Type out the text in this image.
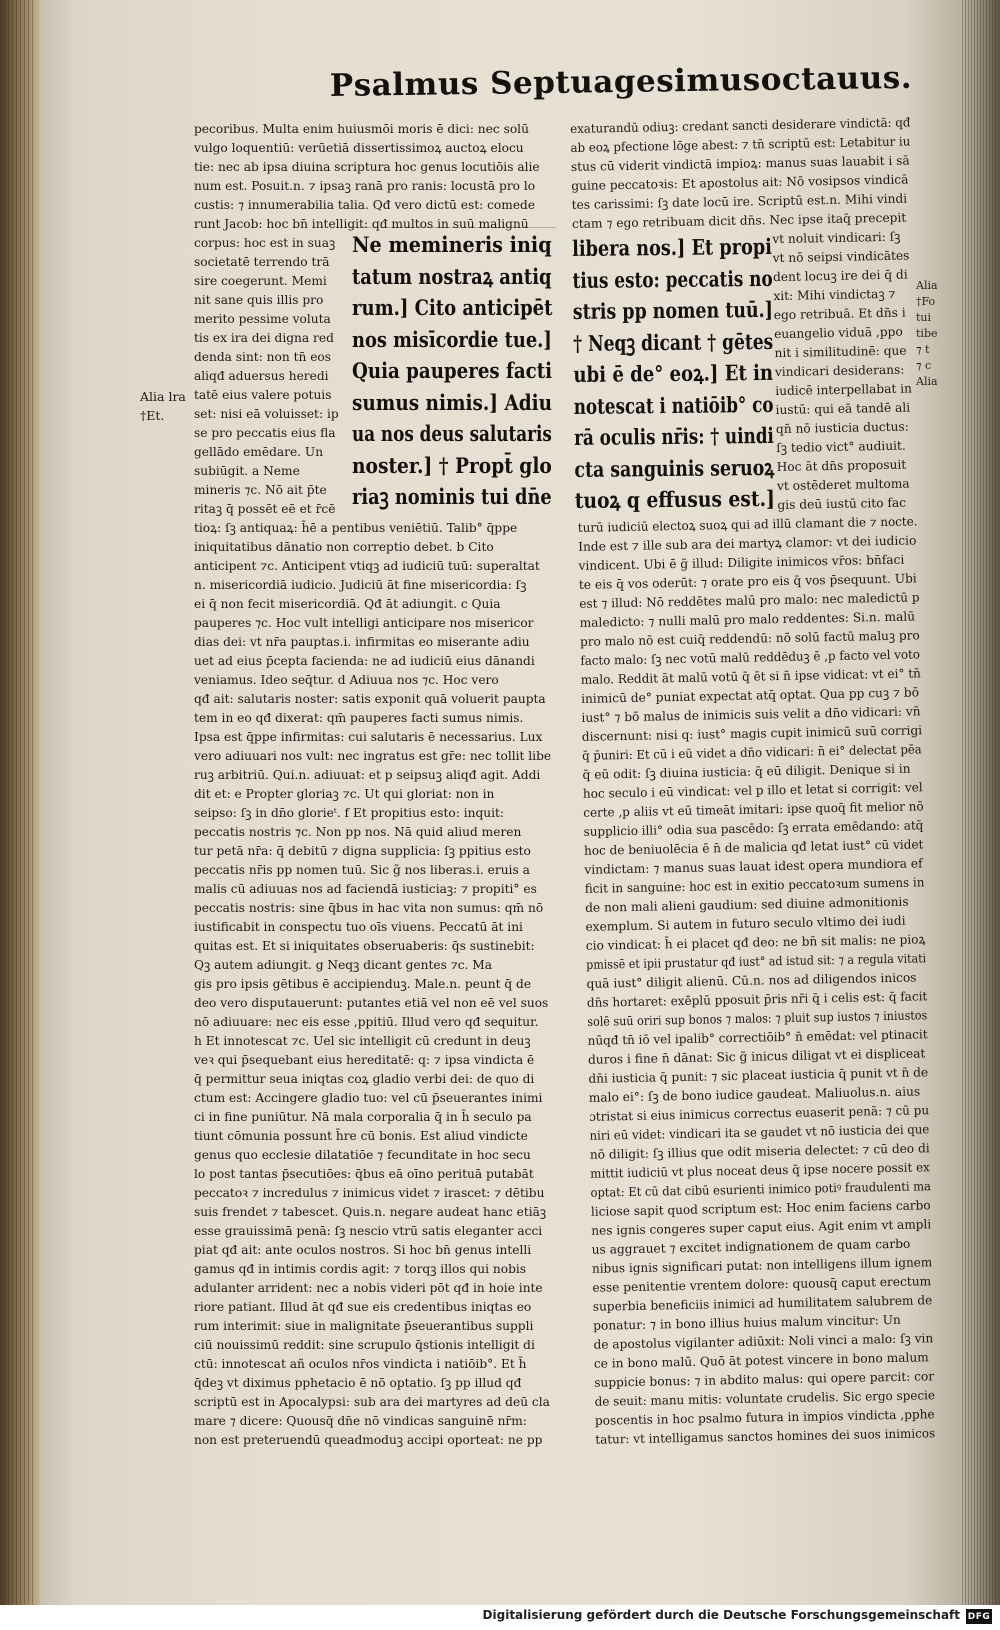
Psalmus Septuagesimusoctauus.

pecoribus. Multa enim huiusmōi moris ē dici: nec solū

vulgo loquentiū: verūetiā dissertissimoꝝ auctoꝝ elocu

tie: nec ab ipsa diuina scriptura hoc genus locutiōis alie

num est. Posuit.n. ⁊ ipsaꝫ ranā pro ranis: locustā pro lo

custis: ⁊ innumerabilia talia. Qđ vero dictū est: comede

runt Jacob: hoc bn̄ intelligit: qđ multos in suū malignū

corpus: hoc est in suaꝫ

societatē terrendo trā

sire coegerunt. Memi

nit sane quis illis pro

merito pessime voluta

tis ex ira dei digna red

denda sint: non tn̄ eos

aliqđ aduersus heredi

tatē eius valere potuis

set: nisi eā voluisset: ip

se pro peccatis eius fla

gellādo emēdare. Un

subiūgit. a Neme

mineris ⁊c. Nō ait p̄te

ritaꝫ q̄ possēt eē et r̄cē

tioꝝ: ſꝫ antiquaꝝ: h̄ē a pentibus veniētiū. Talib° q̄ppe

iniquitatibus dānatio non correptio debet. b Cito

anticipent ⁊c. Anticipent vtiqꝫ ad iudiciū tuū: superaltat

n. misericordiā iudicio. Judiciū āt fine misericordia: ſꝫ

ei q̄ non fecit misericordiā. Qđ āt adiungit. c Quia

pauperes ⁊c. Hoc vult intelligi anticipare nos misericor

dias dei: vt nr̄a pauptas.i. infirmitas eo miserante adiu

uet ad eius p̄cepta facienda: ne ad iudiciū eius dānandi

veniamus. Ideo seq̄tur. d Adiuua nos ⁊c. Hoc vero

qđ ait: salutaris noster: satis exponit quā voluerit paupta

tem in eo qđ dixerat: qm̄ pauperes facti sumus nimis.

Ipsa est q̄ppe infirmitas: cui salutaris ē necessarius. Lux

vero adiuuari nos vult: nec ingratus est gr̄e: nec tollit libe

ruꝫ arbitriū. Qui.n. adiuuat: et p seipsuꝫ aliqđ agit. Addi

dit et: e Propter gloriaꝫ ⁊c. Ut qui gloriat: non in

seipso: ſꝫ in dn̄o glorieᵗ. f Et propitius esto: inquit:

peccatis nostris ⁊c. Non pp nos. Nā quid aliud meren

tur petā nr̄a: q̄ debitū ⁊ digna supplicia: ſꝫ ppitius esto

peccatis nr̄is pp nomen tuū. Sic g̃ nos liberas.i. eruis a

malis cū adiuuas nos ad faciendā iusticiaꝫ: ⁊ propiti° es

peccatis nostris: sine q̄bus in hac vita non sumus: qm̄ nō

iustificabit in conspectu tuo oīs viuens. Peccatū āt ini

quitas est. Et si iniquitates obseruaberis: q̄s sustinebit:

Qꝫ autem adiungit. g Neqꝫ dicant gentes ⁊c. Ma

gis pro ipsis gētibus ē accipienduꝫ. Male.n. peunt q̄ de

deo vero disputauerunt: putantes etiā vel non eē vel suos

nō adiuuare: nec eis esse ,ppitiū. Illud vero qđ sequitur.

h Et innotescat ⁊c. Uel sic intelligit cū credunt in deuꝫ

veꝛ qui p̄sequebant eius hereditatē: q: ⁊ ipsa vindicta ē

q̄ permittur seua iniqtas coꝝ gladio verbi dei: de quo di

ctum est: Accingere gladio tuo: vel cū p̄seuerantes inimi

ci in fine puniūtur. Nā mala corporalia q̄ in h̄ seculo pa

tiunt cōmunia possunt h̄re cū bonis. Est aliud vindicte

genus quo ecclesie dilatatiōe ⁊ fecunditate in hoc secu

lo post tantas p̄secutiōes: q̄bus eā oīno perituā putabāt

peccatoꝛ ⁊ incredulus ⁊ inimicus videt ⁊ irascet: ⁊ dētibu

suis frendet ⁊ tabescet. Quis.n. negare audeat hanc etiāꝫ

esse grauissimā penā: ſꝫ nescio vtrū satis eleganter acci

piat qđ ait: ante oculos nostros. Si hoc bn̄ genus intelli

gamus qđ in intimis cordis agit: ⁊ torqꝫ illos qui nobis

adulanter arrident: nec a nobis videri pōt qđ in hoie inte

riore patiant. Illud āt qđ sue eis credentibus iniqtas eo

rum interimit: siue in malignitate p̄seuerantibus suppli

ciū nouissimū reddit: sine scrupulo q̄stionis intelligit di

ctū: innotescat añ oculos nr̄os vindicta i natiōib°. Et h̄

q̄deꝫ vt diximus pphetacio ē nō optatio. ſꝫ pp illud qđ

scriptū est in Apocalypsi: sub ara dei martyres ad deū cla

mare ⁊ dicere: Quousq̄ dn̄e nō vindicas sanguinē nr̄m:

non est preteruendū queadmoduꝫ accipi oporteat: ne pp

Ne memineris iniq

tatum nostraꝝ antiq

rum.] Cito anticipēt

nos misīcordie tue.]

Quia pauperes facti

sumus nimis.] Adiu

ua nos deus salutaris

noster.] † Propt̄ glo

riaꝫ nominis tui dn̄e

exaturandū odiuꝫ: credant sancti desiderare vindictā: qđ

ab eoꝝ pfectione lōge abest: ⁊ tn̄ scriptū est: Letabitur iu

stus cū viderit vindictā impioꝝ: manus suas lauabit i sā

guine peccatoꝛis: Et apostolus ait: Nō vosipsos vindicā

tes carissimi: ſꝫ date locū ire. Scriptū est.n. Mihi vindi

ctam ⁊ ego retribuam dicit dn̄s. Nec ipse itaq̄ precepit

vt noluit vindicari: ſꝫ

vt nō seipsi vindicātes

dent locuꝫ ire dei q̄ di

xit: Mihi vindictaꝫ ⁊

ego retribuā. Et dn̄s i

euangelio viduā ,ppo

nit i similitudinē: que

vindicari desiderans:

iudicē interpellabat in

iustū: qui eā tandē ali

qn̄ nō iusticia ductus:

ſꝫ tedio vict° audiuit.

Hoc āt dn̄s proposuit

vt ostēderet multoma

gis deū iustū cito fac

turū iudiciū electoꝝ suoꝝ qui ad illū clamant die ⁊ nocte.

Inde est ⁊ ille sub ara dei martyꝝ clamor: vt dei iudicio

vindicent. Ubi ē g̃ illud: Diligite inimicos vr̄os: bn̄faci

te eis q̄ vos oderūt: ⁊ orate pro eis q̄ vos p̄sequunt. Ubi

est ⁊ illud: Nō reddētes malū pro malo: nec maledictū p

maledicto: ⁊ nulli malū pro malo reddentes: Si.n. malū

pro malo nō est cuiq̄ reddendū: nō solū factū maluꝫ pro

facto malo: ſꝫ nec votū malū reddēduꝫ ē ,p facto vel voto

malo. Reddit āt malū votū q̄ ēt si n̄ ipse vidicat: vt ei° tn̄

inimicū de° puniat expectat atq̄ optat. Qua pp cuꝫ ⁊ bō

iust° ⁊ bō malus de inimicis suis velit a dn̄o vidicari: vn̄

discernunt: nisi q: iust° magis cupit inimicū suū corrigi

q̄ p̄uniri: Et cū i eū videt a dn̄o vidicari: n̄ ei° delectat pēa

q̄ eū odit: ſꝫ diuina iusticia: q̄ eū diligit. Denique si in

hoc seculo i eū vindicat: vel p illo et letat si corrigit: vel

certe ,p aliis vt eū timeāt imitari: ipse quoq̄ fit melior nō

supplicio illi° odia sua pascēdo: ſꝫ errata emēdando: atq̄

hoc de beniuolēcia ē n̄ de malicia qđ letat iust° cū videt

vindictam: ⁊ manus suas lauat idest opera mundiora ef

ficit in sanguine: hoc est in exitio peccatoꝛum sumens in

de non mali alieni gaudium: sed diuine admonitionis

exemplum. Si autem in futuro seculo vltimo dei iudi

cio vindicat: h̄ ei placet qđ deo: ne bn̄ sit malis: ne pioꝝ

pmissē et ipii prustatur qđ iust° ad istud sit: ⁊ a regula vitati

quā iust° diligit alienū. Cū.n. nos ad diligendos inicos

dn̄s hortaret: exēplū pposuit p̄ris nr̄i q̄ i celis est: q̄ facit

solē suū oriri sup bonos ⁊ malos: ⁊ pluit sup iustos ⁊ iniustos

nūqđ tn̄ iō vel ipalib° correctiōib° n̄ emēdat: vel ptinacit

duros i fine n̄ dānat: Sic g̃ inicus diligat vt ei displiceat

dn̄i iusticia q̄ punit: ⁊ sic placeat iusticia q̄ punit vt n̄ de

malo ei°: ſꝫ de bono iudice gaudeat. Maliuolus.n. aius

ɔtristat si eius inimicus correctus euaserit penā: ⁊ cū pu

niri eū videt: vindicari ita se gaudet vt nō iusticia dei que

nō diligit: ſꝫ illius que odit miseria delectet: ⁊ cū deo di

mittit iudiciū vt plus noceat deus q̄ ipse nocere possit ex

optat: Et cū dat cibū esurienti inimico potiꝰ fraudulenti ma

liciose sapit quod scriptum est: Hoc enim faciens carbo

nes ignis congeres super caput eius. Agit enim vt ampli

us aggrauet ⁊ excitet indignationem de quam carbo

nibus ignis significari putat: non intelligens illum ignem

esse penitentie vrentem dolore: quousq̄ caput erectum

superbia beneficiis inimici ad humilitatem salubrem de

ponatur: ⁊ in bono illius huius malum vincitur: Un

de apostolus vigilanter adiūxit: Noli vinci a malo: ſꝫ vin

ce in bono malū. Quō āt potest vincere in bono malum

suppicie bonus: ⁊ in abdito malus: qui opere parcit: cor

de seuit: manu mitis: voluntate crudelis. Sic ergo specie

poscentis in hoc psalmo futura in impios vindicta ,pphe

tatur: vt intelligamus sanctos homines dei suos inimicos

libera nos.] Et propi

tius esto: peccatis no

stris pp nomen tuū.]

† Neqꝫ dicant † gētes

ubi ē de° eoꝝ.] Et in

notescat i natiōib° co

rā oculis nr̄is: † uindi

cta sanguinis seruoꝝ

tuoꝝ q effusus est.]

Alia lra

†Et.

Alia

†Fo

tui

tibe

⁊ t

⁊ c

Alia

Digitalisierung gefördert durch die Deutsche Forschungsgemeinschaft DFG
